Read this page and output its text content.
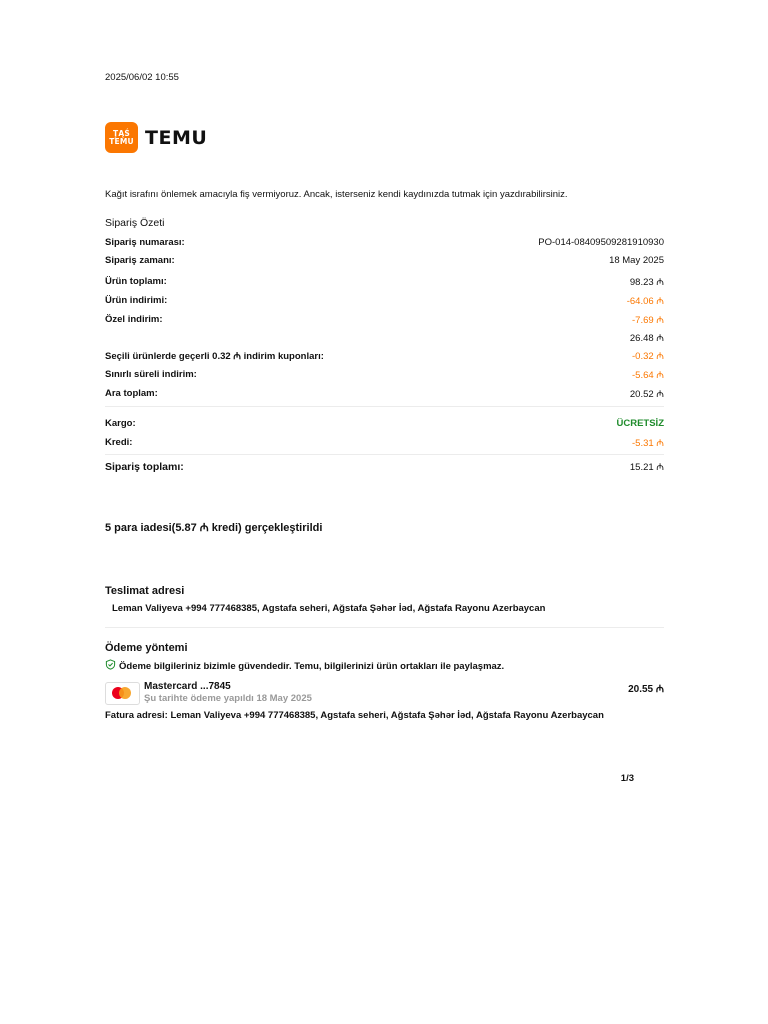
2025/06/02 10:55
ŢĄŚ
TEMU TEMU
Kağıt israfını önlemek amacıyla fiş vermiyoruz. Ancak, isterseniz kendi kaydınızda tutmak için yazdırabilirsiniz.
Sipariş Özeti
Sipariş numarası:	PO-014-08409509281910930
Sipariş zamanı:	18 May 2025
Ürün toplamı:	98.23 ₼
Ürün indirimi:	-64.06 ₼
Özel indirim:	-7.69 ₼
26.48 ₼
Seçili ürünlerde geçerli 0.32 ₼ indirim kuponları:	-0.32 ₼
Sınırlı süreli indirim:	-5.64 ₼
Ara toplam:	20.52 ₼
Kargo:	ÜCRETSİZ
Kredi:	-5.31 ₼
Sipariş toplamı:	15.21 ₼
5 para iadesi(5.87 ₼ kredi) gerçekleştirildi
Teslimat adresi
Leman Valiyeva +994 777468385, Agstafa seheri, Ağstafa Şəhər İəd, Ağstafa Rayonu Azerbaycan
Ödeme yöntemi
Ödeme bilgileriniz bizimle güvendedir. Temu, bilgilerinizi ürün ortakları ile paylaşmaz.
Mastercard ...7845
Şu tarihte ödeme yapıldı 18 May 2025
20.55 ₼
Fatura adresi: Leman Valiyeva +994 777468385, Agstafa seheri, Ağstafa Şəhər İəd, Ağstafa Rayonu Azerbaycan
1/3
